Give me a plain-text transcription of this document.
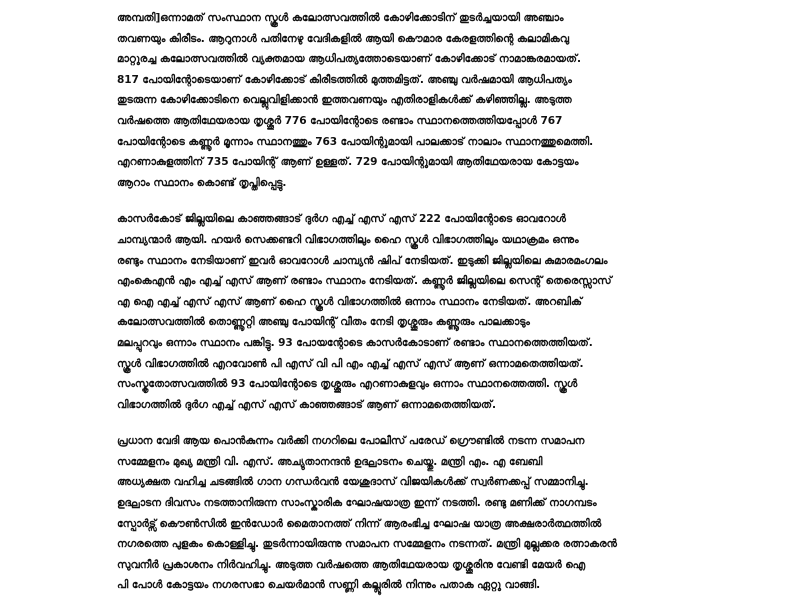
അമ്പതി]ഒന്നാമത് സംസ്ഥാന സ്കൂള്‍ കലോത്സവത്തില്‍ കോഴിക്കോടിന് തുടര്‍ച്ചയായി അഞ്ചാം
തവണയും കിരീടം. ആറുനാള്‍ പതിനേഴു വേദികളില്‍ ആയി കൌമാര കേരളത്തിന്റെ കലാമികവു
മാറ്റുരച്ച കലോത്സവത്തില്‍ വ്യക്തമായ ആധിപത്യത്തോടെയാണ് കോഴിക്കോട് നാമാങ്കരമായത്.
817 പോയിന്റോടെയാണ് കോഴിക്കോട് കിരീടത്തില്‍ മുത്തമിട്ടത്. അഞ്ചു വര്‍ഷമായി ആധിപത്യം
തുടരുന്ന കോഴിക്കോടിനെ വെല്ലുവിളിക്കാന്‍ ഇത്തവണയും എതിരാളികള്‍ക്ക് കഴിഞ്ഞില്ല. അടുത്ത
വര്‍ഷത്തെ ആതിഥേയരായ തൃശ്ശൂര്‍ 776 പോയിന്റോടെ രണ്ടാം സ്ഥാനത്തെത്തിയപ്പോള്‍ 767
പോയിന്റോടെ കണ്ണൂര്‍ മൂന്നാം സ്ഥാനത്തും 763 പോയിന്റുമായി പാലക്കാട് നാലാം സ്ഥാനത്തുമെത്തി.
എറണാകുളത്തിന് 735 പോയിന്റ് ആണ് ഉള്ളത്. 729 പോയിന്റുമായി ആതിഥേയരായ കോട്ടയം
ആറാം സ്ഥാനം കൊണ്ട് തൃപ്തിപ്പെട്ടു.

കാസര്‍കോട് ജില്ലയിലെ കാഞ്ഞങ്ങാട് ദുര്‍ഗ എച്ച് എസ് എസ് 222 പോയിന്റോടെ ഓവറോള്‍
ചാമ്പ്യന്മാര്‍ ആയി. ഹയര്‍ സെക്കണ്ടറി വിഭാഗത്തിലും ഹൈ സ്കൂള്‍ വിഭാഗത്തിലും യഥാക്രമം ഒന്നും
രണ്ടും സ്ഥാനം നേടിയാണ് ഇവര്‍ ഓവറോള്‍ ചാമ്പ്യന്‍ ഷിപ് നേടിയത്. ഇടുക്കി ജില്ലയിലെ കുമാരമംഗലം
എംകെഎന്‍ എം എച്ച് എസ് ആണ് രണ്ടാം സ്ഥാനം നേടിയത്. കണ്ണൂര്‍ ജില്ലയിലെ സെന്റ് തെരെസ്സാസ്
എ ഐ എച്ച് എസ് എസ് ആണ് ഹൈ സ്കൂള്‍ വിഭാഗത്തില്‍ ഒന്നാം സ്ഥാനം നേടിയത്. അറബിക്
കലോത്സവത്തില്‍ തൊണ്ണൂറ്റി അഞ്ചു പോയിന്റ് വീതം നേടി തൃശ്ശൂരും കണ്ണൂരും പാലക്കാടും
മലപ്പുറവും ഒന്നാം സ്ഥാനം പങ്കിട്ടു. 93 പോയന്റോടെ കാസര്‍കോടാണ് രണ്ടാം സ്ഥാനത്തെത്തിയത്.
സ്കൂള്‍ വിഭാഗത്തില്‍ എറവോണ്‍ പി എസ് വി പി എം എച്ച് എസ് എസ് ആണ് ഒന്നാമതെത്തിയത്.
സംസ്കൃതോത്സവത്തില്‍ 93 പോയിന്റോടെ തൃശ്ശൂരും എറണാകുളവും ഒന്നാം സ്ഥാനത്തെത്തി. സ്കൂള്‍
വിഭാഗത്തില്‍ ദുര്‍ഗ എച്ച് എസ് എസ് കാഞ്ഞങ്ങാട് ആണ് ഒന്നാമതെത്തിയത്.

പ്രധാന വേദി ആയ പൊന്‍കുന്നം വര്‍ക്കി നഗറിലെ പോലീസ് പരേഡ് ഗ്രൌണ്ടില്‍ നടന്ന സമാപന
സമ്മേളനം മുഖ്യ മന്ത്രി വി. എസ്. അച്യുതാനന്ദന്‍ ഉദ്ഘാടനം ചെയ്തു. മന്ത്രി എം. എ ബേബി
അധ്യക്ഷത വഹിച്ച ചടങ്ങില്‍ ഗാന ഗന്ധര്‍വന്‍ യേശുദാസ് വിജയികള്‍ക്ക് സ്വര്‍ണക്കപ്പ് സമ്മാനിച്ചു.
ഉദ്ഘാടന ദിവസം നടത്താനിരുന്ന സാംസ്കാരിക ഘോഷയാത്ര ഇന്ന് നടത്തി. രണ്ടു മണിക്ക് നാഗമ്പടം
സ്പോര്‍ട്സ് കൌണ്‍സില്‍ ഇന്‍ഡോര്‍ മൈതാനത്ത് നിന്ന് ആരംഭിച്ച ഘോഷ യാത്ര അക്ഷരാര്‍ത്ഥത്തില്‍
നഗരത്തെ പുളകം കൊള്ളിച്ചു. തുടര്‍ന്നായിരുന്നു സമാപന സമ്മേളനം നടന്നത്. മന്ത്രി മുല്ലക്കര രത്നാകരന്‍
സുവനീര്‍ പ്രകാശനം നിര്‍വഹിച്ചു. അടുത്ത വര്‍ഷത്തെ ആതിഥേയരായ തൃശ്ശൂരിനു വേണ്ടി മേയര്‍ ഐ
പി പോള്‍ കോട്ടയം നഗരസഭാ ചെയര്‍മാന്‍ സണ്ണി കല്ലൂരില്‍ നിന്നും പതാക ഏറ്റു വാങ്ങി.
